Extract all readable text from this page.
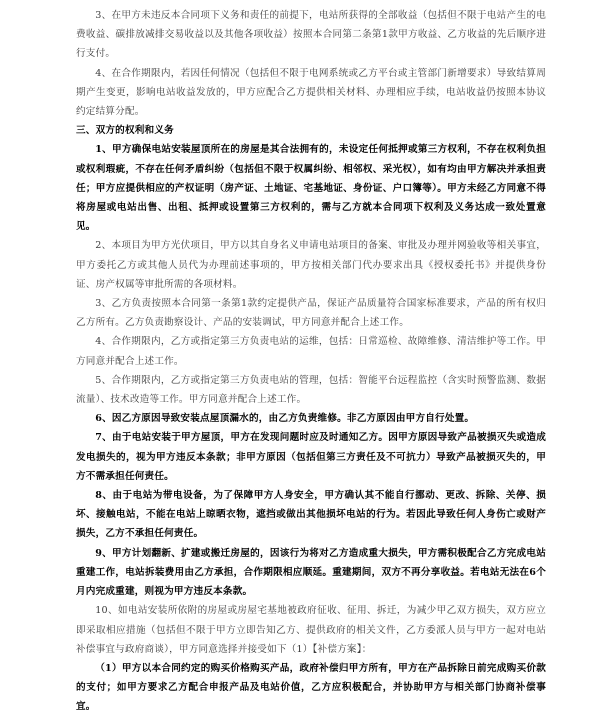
3、在甲方未违反本合同项下义务和责任的前提下，电站所获得的全部收益（包括但不限于电站产生的电费收益、碳排放减排交易收益以及其他各项收益）按照本合同第二条第1款甲方收益、乙方收益的先后顺序进行支付。

4、在合作期限内，若因任何情况（包括但不限于电网系统或乙方平台或主管部门新增要求）导致结算周期产生变更，影响电站收益发放的，甲方应配合乙方提供相关材料、办理相应手续，电站收益仍按照本协议约定结算分配。

三、双方的权利和义务

1、甲方确保电站安装屋顶所在的房屋是其合法拥有的，未设定任何抵押或第三方权利，不存在权利负担或权利瑕疵，不存在任何矛盾纠纷（包括但不限于权属纠纷、相邻权、采光权），如有均由甲方解决并承担责任；甲方应提供相应的产权证明（房产证、土地证、宅基地证、身份证、户口簿等）。甲方未经乙方同意不得将房屋或电站出售、出租、抵押或设置第三方权利的，需与乙方就本合同项下权利及义务达成一致处置意见。

2、本项目为甲方光伏项目，甲方以其自身名义申请电站项目的备案、审批及办理并网验收等相关事宜，甲方委托乙方或其他人员代为办理前述事项的，甲方按相关部门代办要求出具《授权委托书》并提供身份证、房产权属等审批所需的各项材料。

3、乙方负责按照本合同第一条第1款约定提供产品，保证产品质量符合国家标准要求，产品的所有权归乙方所有。乙方负责勘察设计、产品的安装调试，甲方同意并配合上述工作。

4、合作期限内，乙方或指定第三方负责电站的运维，包括：日常巡检、故障维修、清洁维护等工作。甲方同意并配合上述工作。

5、合作期限内，乙方或指定第三方负责电站的管理，包括：智能平台远程监控（含实时预警监测、数据流量）、技术改造等工作。甲方同意并配合上述工作。

6、因乙方原因导致安装点屋顶漏水的，由乙方负责维修。非乙方原因由甲方自行处置。

7、由于电站安装于甲方屋顶，甲方在发现问题时应及时通知乙方。因甲方原因导致产品被损灭失或造成发电损失的，视为甲方违反本条款；非甲方原因（包括但第三方责任及不可抗力）导致产品被损灭失的，甲方不需承担任何责任。

8、由于电站为带电设备，为了保障甲方人身安全，甲方确认其不能自行挪动、更改、拆除、关停、损坏、接触电站，不能在电站上晾晒衣物，遮挡或做出其他损坏电站的行为。若因此导致任何人身伤亡或财产损失，乙方不承担任何责任。

9、甲方计划翻新、扩建或搬迁房屋的，因该行为将对乙方造成重大损失，甲方需积极配合乙方完成电站重建工作，电站拆装费用由乙方承担，合作期限相应顺延。重建期间，双方不再分享收益。若电站无法在6个月内完成重建，则视为甲方违反本条款。

10、如电站安装所依附的房屋或房屋宅基地被政府征收、征用、拆迁，为减少甲乙双方损失，双方应立即采取相应措施（包括但不限于甲方立即告知乙方、提供政府的相关文件，乙方委派人员与甲方一起对电站补偿事宜与政府商谈），甲方同意选择并接受如下（1）【补偿方案】：

（1）甲方以本合同约定的购买价格购买产品，政府补偿归甲方所有，甲方在产品拆除日前完成购买价款的支付；如甲方要求乙方配合申报产品及电站价值，乙方应积极配合，并协助甲方与相关部门协商补偿事宜。
